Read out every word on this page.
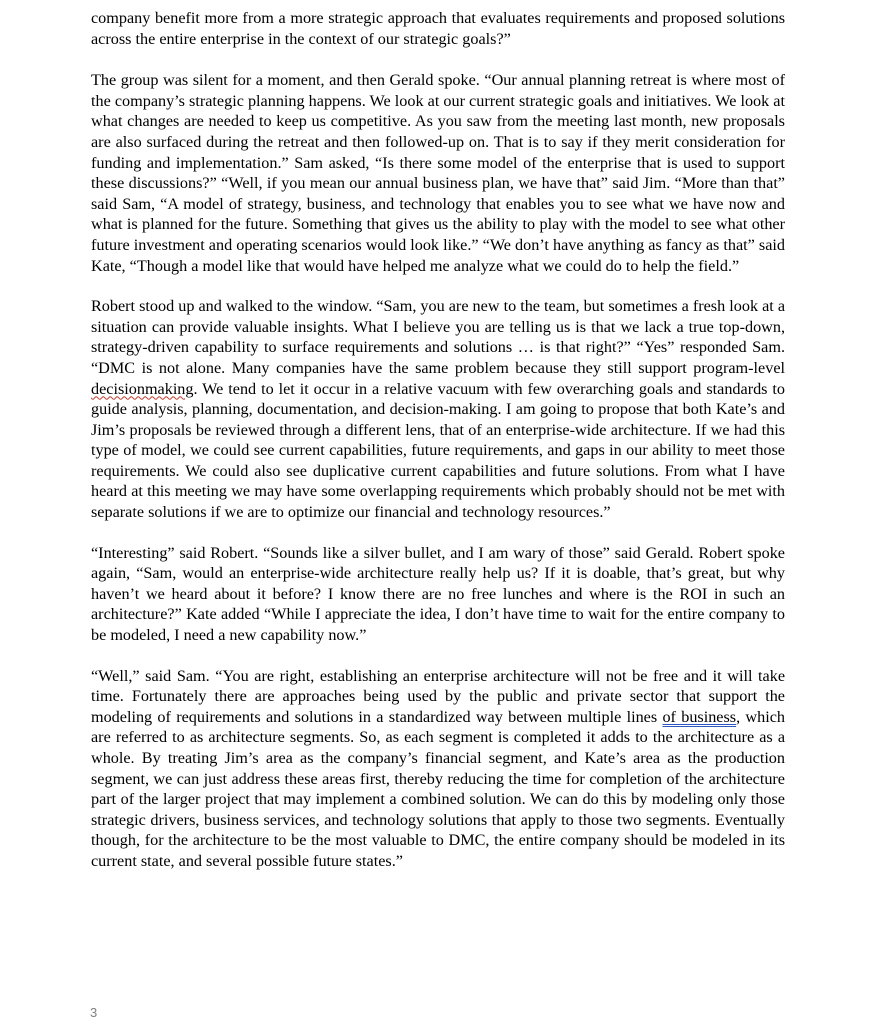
company benefit more from a more strategic approach that evaluates requirements and proposed solutions across the entire enterprise in the context of our strategic goals?”

The group was silent for a moment, and then Gerald spoke. “Our annual planning retreat is where most of the company’s strategic planning happens. We look at our current strategic goals and initiatives. We look at what changes are needed to keep us competitive. As you saw from the meeting last month, new proposals are also surfaced during the retreat and then followed-up on. That is to say if they merit consideration for funding and implementation.” Sam asked, “Is there some model of the enterprise that is used to support these discussions?” “Well, if you mean our annual business plan, we have that” said Jim. “More than that” said Sam, “A model of strategy, business, and technology that enables you to see what we have now and what is planned for the future. Something that gives us the ability to play with the model to see what other future investment and operating scenarios would look like.” “We don’t have anything as fancy as that” said Kate, “Though a model like that would have helped me analyze what we could do to help the field.”

Robert stood up and walked to the window. “Sam, you are new to the team, but sometimes a fresh look at a situation can provide valuable insights. What I believe you are telling us is that we lack a true top-down, strategy-driven capability to surface requirements and solutions … is that right?” “Yes” responded Sam. “DMC is not alone. Many companies have the same problem because they still support program-level decisionmaking. We tend to let it occur in a relative vacuum with few overarching goals and standards to guide analysis, planning, documentation, and decision-making. I am going to propose that both Kate’s and Jim’s proposals be reviewed through a different lens, that of an enterprise-wide architecture. If we had this type of model, we could see current capabilities, future requirements, and gaps in our ability to meet those requirements. We could also see duplicative current capabilities and future solutions. From what I have heard at this meeting we may have some overlapping requirements which probably should not be met with separate solutions if we are to optimize our financial and technology resources.”

“Interesting” said Robert. “Sounds like a silver bullet, and I am wary of those” said Gerald. Robert spoke again, “Sam, would an enterprise-wide architecture really help us? If it is doable, that’s great, but why haven’t we heard about it before? I know there are no free lunches and where is the ROI in such an architecture?” Kate added “While I appreciate the idea, I don’t have time to wait for the entire company to be modeled, I need a new capability now.”

“Well,” said Sam. “You are right, establishing an enterprise architecture will not be free and it will take time. Fortunately there are approaches being used by the public and private sector that support the modeling of requirements and solutions in a standardized way between multiple lines of business, which are referred to as architecture segments. So, as each segment is completed it adds to the architecture as a whole. By treating Jim’s area as the company’s financial segment, and Kate’s area as the production segment, we can just address these areas first, thereby reducing the time for completion of the architecture part of the larger project that may implement a combined solution. We can do this by modeling only those strategic drivers, business services, and technology solutions that apply to those two segments. Eventually though, for the architecture to be the most valuable to DMC, the entire company should be modeled in its current state, and several possible future states.”

3
